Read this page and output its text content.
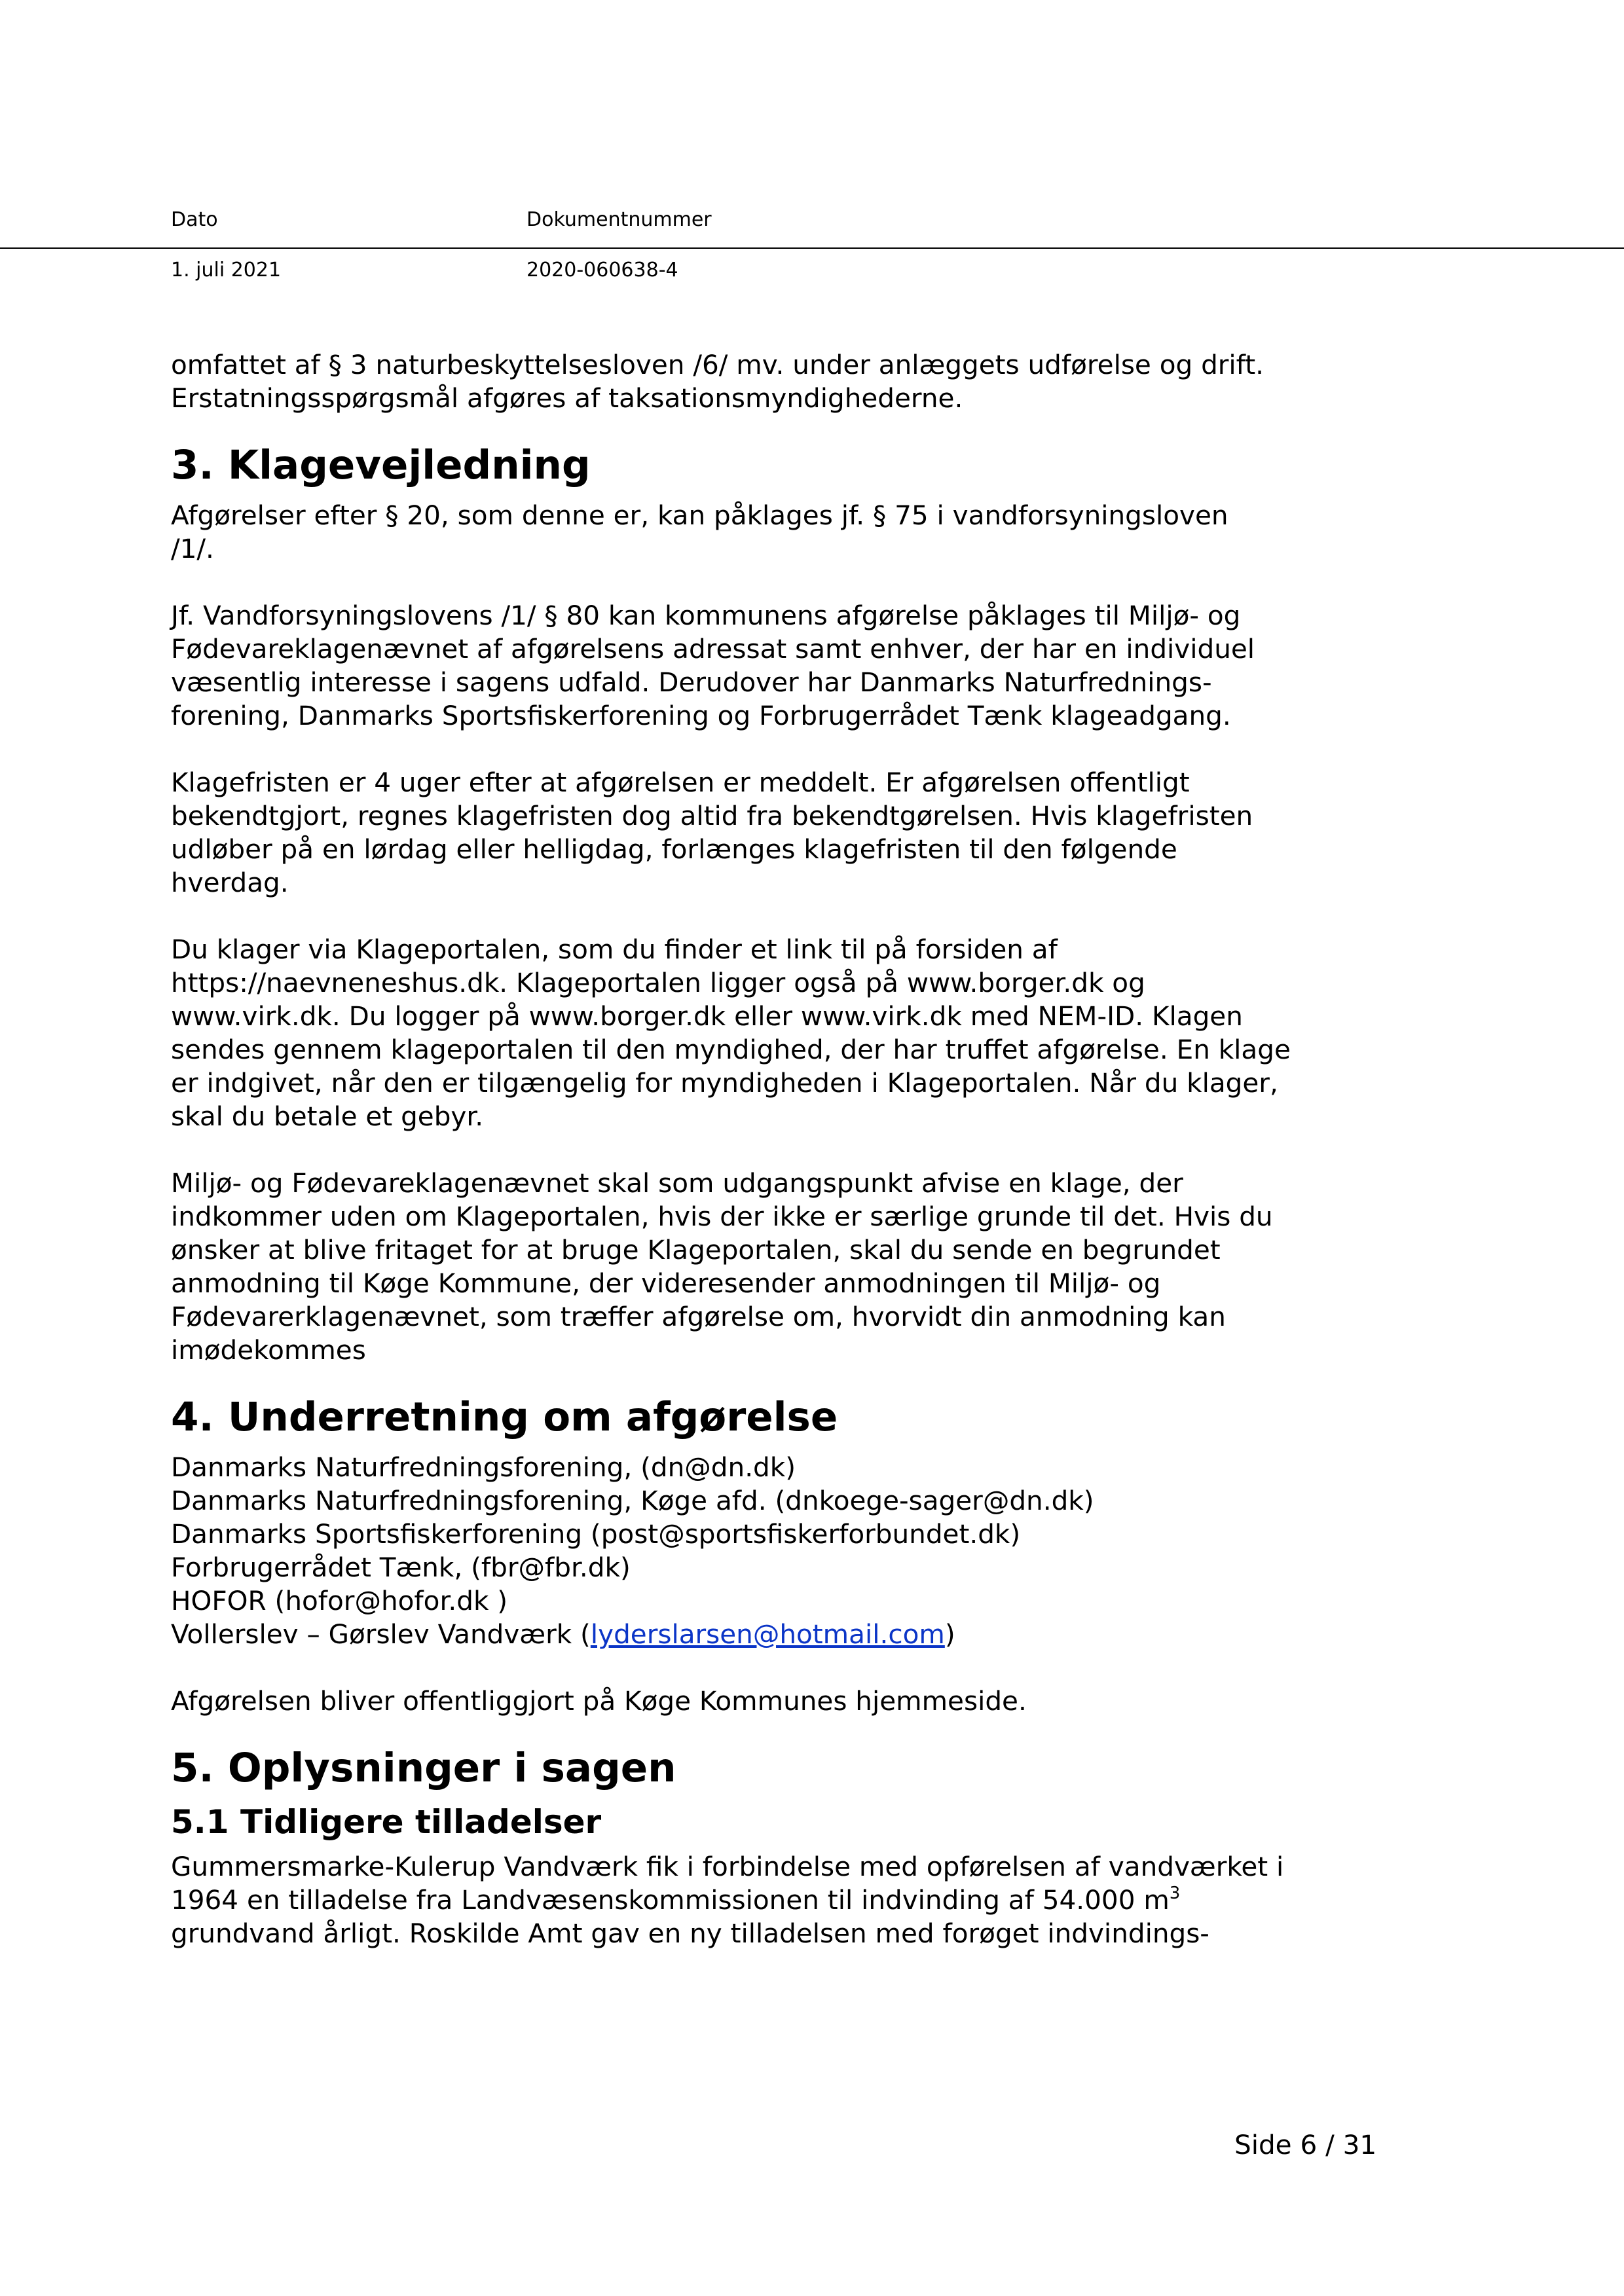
Dato	Dokumentnummer
1. juli 2021	2020-060638-4

omfattet af § 3 naturbeskyttelsesloven /6/ mv. under anlæggets udførelse og drift.
Erstatningsspørgsmål afgøres af taksationsmyndighederne.

3. Klagevejledning

Afgørelser efter § 20, som denne er, kan påklages jf. § 75 i vandforsyningsloven
/1/.

Jf. Vandforsyningslovens /1/ § 80 kan kommunens afgørelse påklages til Miljø- og
Fødevareklagenævnet af afgørelsens adressat samt enhver, der har en individuel
væsentlig interesse i sagens udfald. Derudover har Danmarks Naturfrednings-
forening, Danmarks Sportsfiskerforening og Forbrugerrådet Tænk klageadgang.

Klagefristen er 4 uger efter at afgørelsen er meddelt. Er afgørelsen offentligt
bekendtgjort, regnes klagefristen dog altid fra bekendtgørelsen. Hvis klagefristen
udløber på en lørdag eller helligdag, forlænges klagefristen til den følgende
hverdag.

Du klager via Klageportalen, som du finder et link til på forsiden af
https://naevneneshus.dk. Klageportalen ligger også på www.borger.dk og
www.virk.dk. Du logger på www.borger.dk eller www.virk.dk med NEM-ID. Klagen
sendes gennem klageportalen til den myndighed, der har truffet afgørelse. En klage
er indgivet, når den er tilgængelig for myndigheden i Klageportalen. Når du klager,
skal du betale et gebyr.

Miljø- og Fødevareklagenævnet skal som udgangspunkt afvise en klage, der
indkommer uden om Klageportalen, hvis der ikke er særlige grunde til det. Hvis du
ønsker at blive fritaget for at bruge Klageportalen, skal du sende en begrundet
anmodning til Køge Kommune, der videresender anmodningen til Miljø- og
Fødevarerklagenævnet, som træffer afgørelse om, hvorvidt din anmodning kan
imødekommes

4. Underretning om afgørelse
Danmarks Naturfredningsforening, (dn@dn.dk)
Danmarks Naturfredningsforening, Køge afd. (dnkoege-sager@dn.dk)
Danmarks Sportsfiskerforening (post@sportsfiskerforbundet.dk)
Forbrugerrådet Tænk, (fbr@fbr.dk)
HOFOR (hofor@hofor.dk )
Vollerslev – Gørslev Vandværk (lyderslarsen@hotmail.com)

Afgørelsen bliver offentliggjort på Køge Kommunes hjemmeside.

5. Oplysninger i sagen
5.1 Tidligere tilladelser

Gummersmarke-Kulerup Vandværk fik i forbindelse med opførelsen af vandværket i
1964 en tilladelse fra Landvæsenskommissionen til indvinding af 54.000 $m^3$
grundvand årligt. Roskilde Amt gav en ny tilladelsen med forøget indvindings-

Side 6 / 31
